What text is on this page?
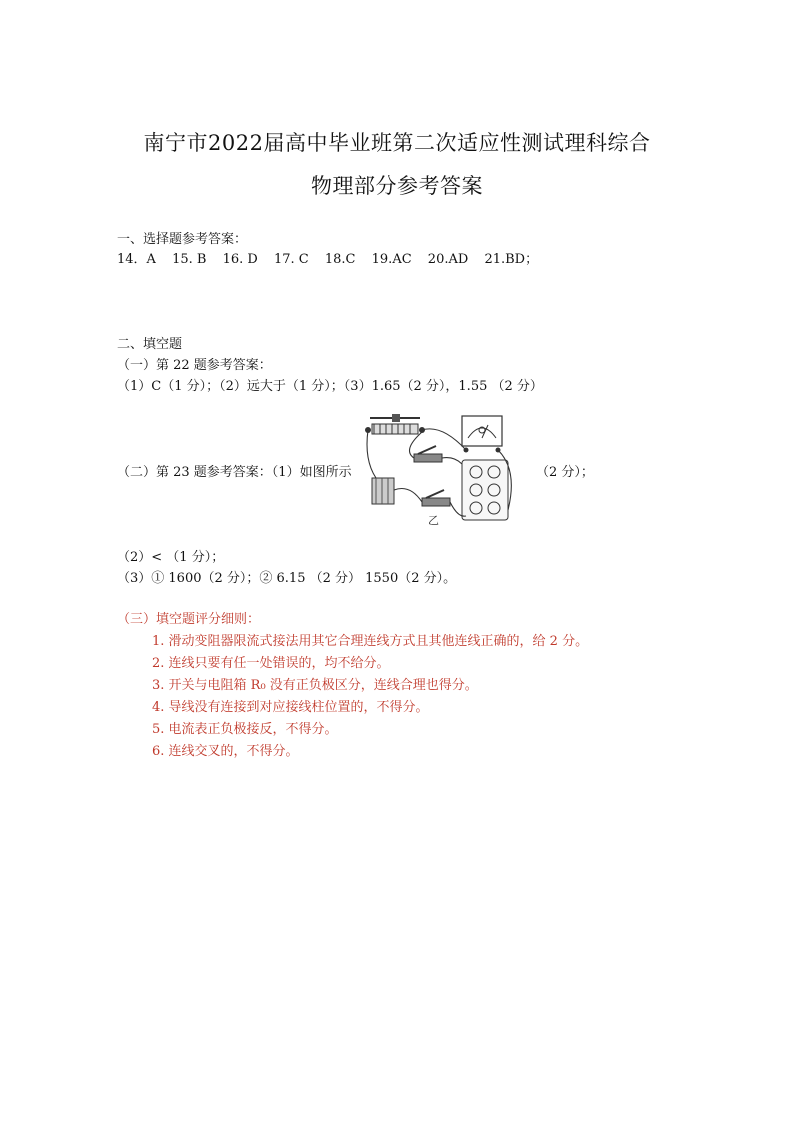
南宁市2022届高中毕业班第二次适应性测试理科综合
物理部分参考答案
一、选择题参考答案：
14．A 15. B 16. D 17. C 18.C 19.AC 20.AD 21.BD；
二、填空题
（一）第 22 题参考答案：
（1）C（1 分）；（2）远大于（1 分）；（3）1.65（2 分），1.55 （2 分）
（二）第 23 题参考答案：（1）如图所示
乙
（2 分）；
（2）< （1 分）；
（3）① 1600（2 分）；② 6.15 （2 分） 1550（2 分）。
（三）填空题评分细则：
1. 滑动变阻器限流式接法用其它合理连线方式且其他连线正确的，给 2 分。
2. 连线只要有任一处错误的，均不给分。
3. 开关与电阻箱 R₀ 没有正负极区分，连线合理也得分。
4. 导线没有连接到对应接线柱位置的，不得分。
5. 电流表正负极接反，不得分。
6. 连线交叉的，不得分。
